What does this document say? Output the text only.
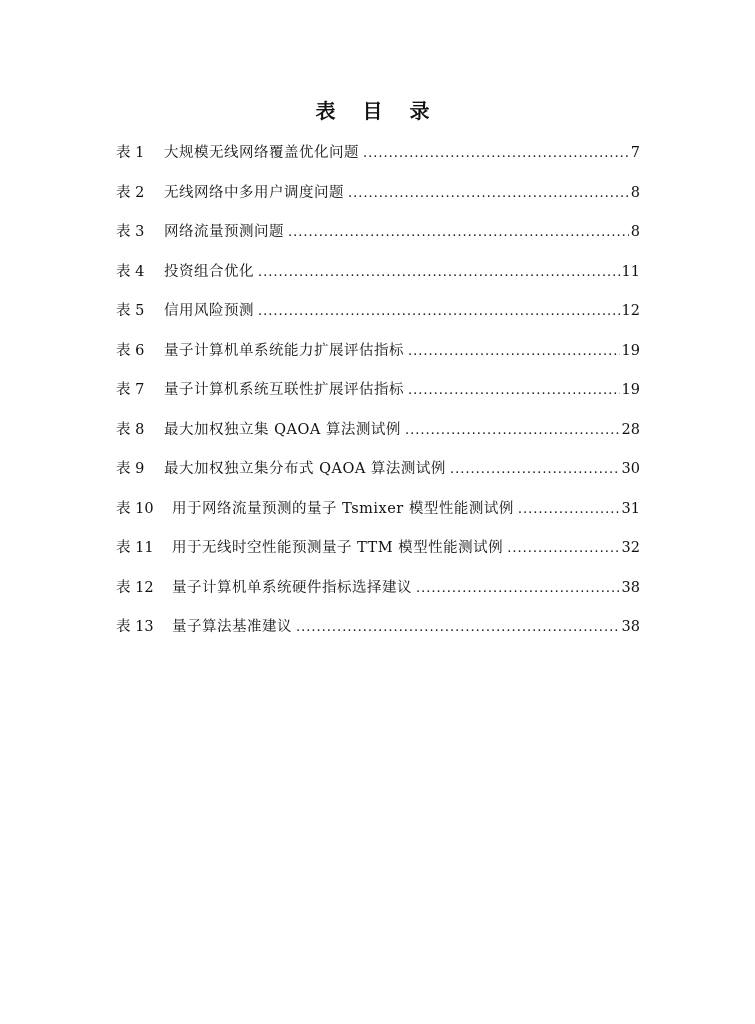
表 目 录
表 1	大规模无线网络覆盖优化问题 .....	7
表 2	无线网络中多用户调度问题 .....	8
表 3	网络流量预测问题 .....	8
表 4	投资组合优化 .....	11
表 5	信用风险预测 .....	12
表 6	量子计算机单系统能力扩展评估指标 .....	19
表 7	量子计算机系统互联性扩展评估指标 .....	19
表 8	最大加权独立集 QAOA 算法测试例 .....	28
表 9	最大加权独立集分布式 QAOA 算法测试例 .....	30
表 10	用于网络流量预测的量子 Tsmixer 模型性能测试例 .....	31
表 11	用于无线时空性能预测量子 TTM 模型性能测试例 .....	32
表 12	量子计算机单系统硬件指标选择建议 .....	38
表 13	量子算法基准建议 .....	38
